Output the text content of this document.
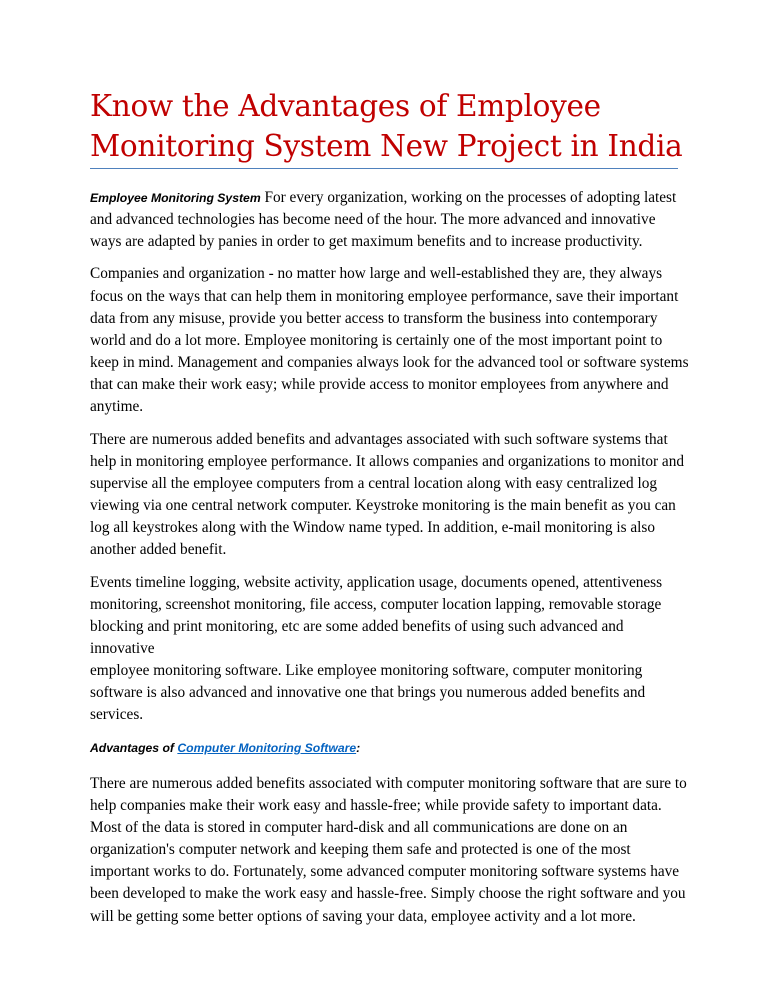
Know the Advantages of Employee Monitoring System New Project in India

Employee Monitoring System For every organization, working on the processes of adopting latest and advanced technologies has become need of the hour. The more advanced and innovative ways are adapted by panies in order to get maximum benefits and to increase productivity.

Companies and organization - no matter how large and well-established they are, they always focus on the ways that can help them in monitoring employee performance, save their important data from any misuse, provide you better access to transform the business into contemporary world and do a lot more. Employee monitoring is certainly one of the most important point to keep in mind. Management and companies always look for the advanced tool or software systems that can make their work easy; while provide access to monitor employees from anywhere and anytime.

There are numerous added benefits and advantages associated with such software systems that help in monitoring employee performance. It allows companies and organizations to monitor and supervise all the employee computers from a central location along with easy centralized log viewing via one central network computer. Keystroke monitoring is the main benefit as you can log all keystrokes along with the Window name typed. In addition, e-mail monitoring is also another added benefit.

Events timeline logging, website activity, application usage, documents opened, attentiveness monitoring, screenshot monitoring, file access, computer location lapping, removable storage blocking and print monitoring, etc are some added benefits of using such advanced and innovative
employee monitoring software. Like employee monitoring software, computer monitoring software is also advanced and innovative one that brings you numerous added benefits and services.

Advantages of Computer Monitoring Software:

There are numerous added benefits associated with computer monitoring software that are sure to help companies make their work easy and hassle-free; while provide safety to important data. Most of the data is stored in computer hard-disk and all communications are done on an organization's computer network and keeping them safe and protected is one of the most important works to do. Fortunately, some advanced computer monitoring software systems have been developed to make the work easy and hassle-free. Simply choose the right software and you will be getting some better options of saving your data, employee activity and a lot more.
